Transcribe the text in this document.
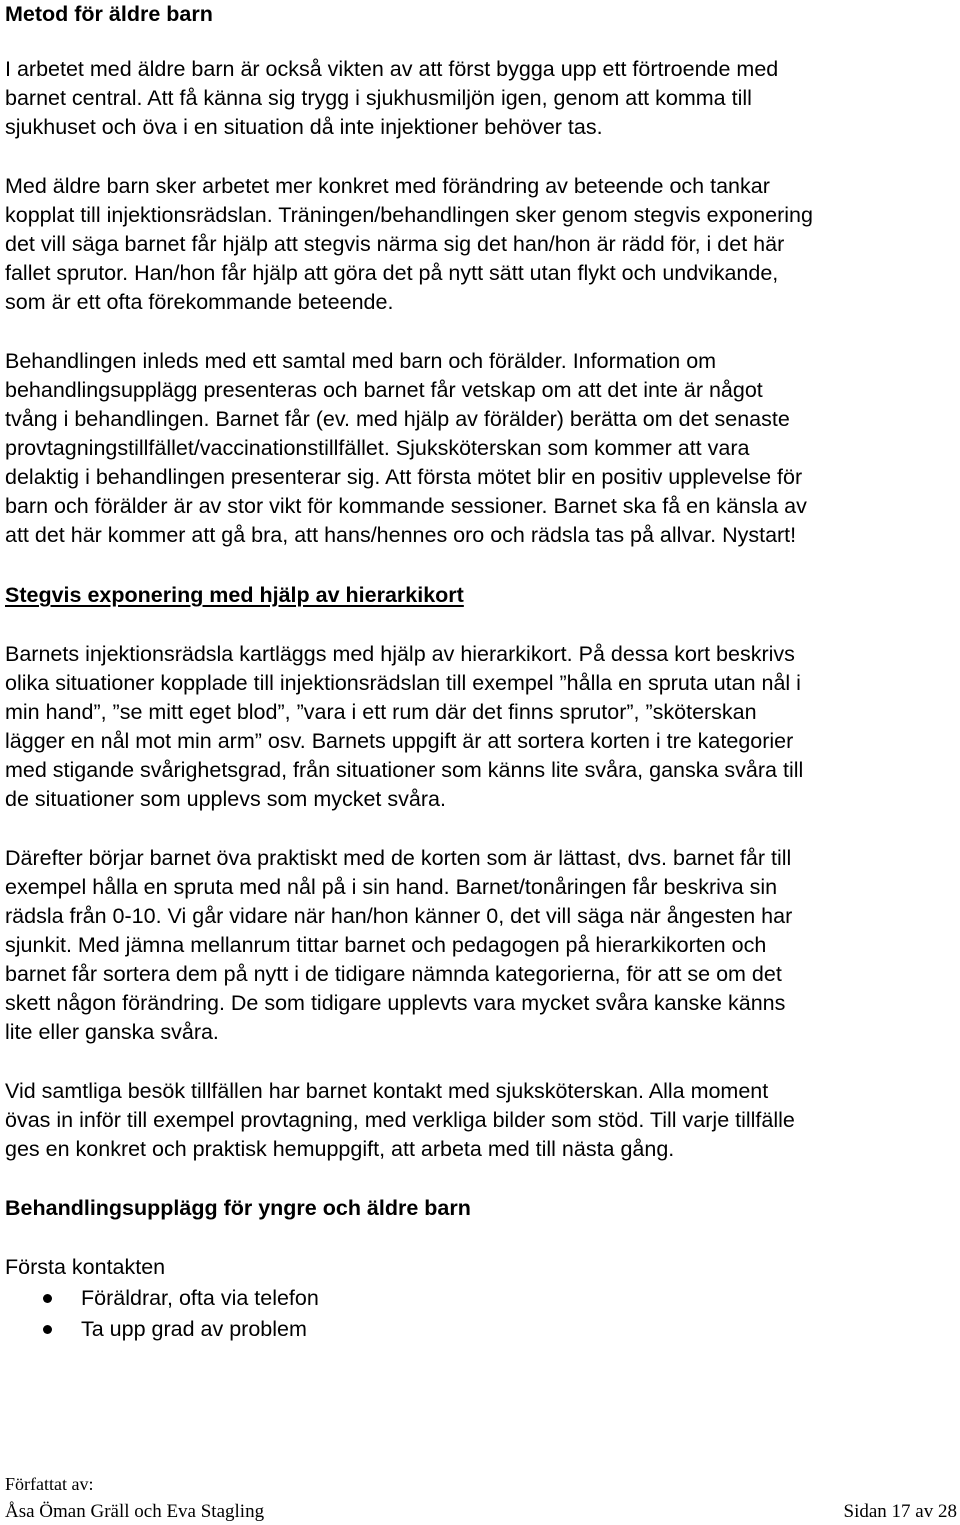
Metod för äldre barn

I arbetet med äldre barn är också vikten av att först bygga upp ett förtroende med

barnet central. Att få känna sig trygg i sjukhusmiljön igen, genom att komma till

sjukhuset och öva i en situation då inte injektioner behöver tas.

Med äldre barn sker arbetet mer konkret med förändring av beteende och tankar

kopplat till injektionsrädslan. Träningen/behandlingen sker genom stegvis exponering

det vill säga barnet får hjälp att stegvis närma sig det han/hon är rädd för, i det här

fallet sprutor. Han/hon får hjälp att göra det på nytt sätt utan flykt och undvikande,

som är ett ofta förekommande beteende.

Behandlingen inleds med ett samtal med barn och förälder. Information om

behandlingsupplägg presenteras och barnet får vetskap om att det inte är något

tvång i behandlingen. Barnet får (ev. med hjälp av förälder) berätta om det senaste

provtagningstillfället/vaccinationstillfället. Sjuksköterskan som kommer att vara

delaktig i behandlingen presenterar sig. Att första mötet blir en positiv upplevelse för

barn och förälder är av stor vikt för kommande sessioner. Barnet ska få en känsla av

att det här kommer att gå bra, att hans/hennes oro och rädsla tas på allvar. Nystart!

Stegvis exponering med hjälp av hierarkikort

Barnets injektionsrädsla kartläggs med hjälp av hierarkikort. På dessa kort beskrivs

olika situationer kopplade till injektionsrädslan till exempel ”hålla en spruta utan nål i

min hand”, ”se mitt eget blod”, ”vara i ett rum där det finns sprutor”, ”sköterskan

lägger en nål mot min arm” osv. Barnets uppgift är att sortera korten i tre kategorier

med stigande svårighetsgrad, från situationer som känns lite svåra, ganska svåra till

de situationer som upplevs som mycket svåra.

Därefter börjar barnet öva praktiskt med de korten som är lättast, dvs. barnet får till

exempel hålla en spruta med nål på i sin hand. Barnet/tonåringen får beskriva sin

rädsla från 0-10. Vi går vidare när han/hon känner 0, det vill säga när ångesten har

sjunkit. Med jämna mellanrum tittar barnet och pedagogen på hierarkikorten och

barnet får sortera dem på nytt i de tidigare nämnda kategorierna, för att se om det

skett någon förändring. De som tidigare upplevts vara mycket svåra kanske känns

lite eller ganska svåra.

Vid samtliga besök tillfällen har barnet kontakt med sjuksköterskan. Alla moment

övas in inför till exempel provtagning, med verkliga bilder som stöd. Till varje tillfälle

ges en konkret och praktisk hemuppgift, att arbeta med till nästa gång.

Behandlingsupplägg för yngre och äldre barn

Första kontakten

Föräldrar, ofta via telefon
Ta upp grad av problem
Författat av:
Åsa Öman Gräll och Eva Stagling	Sidan 17 av 28
